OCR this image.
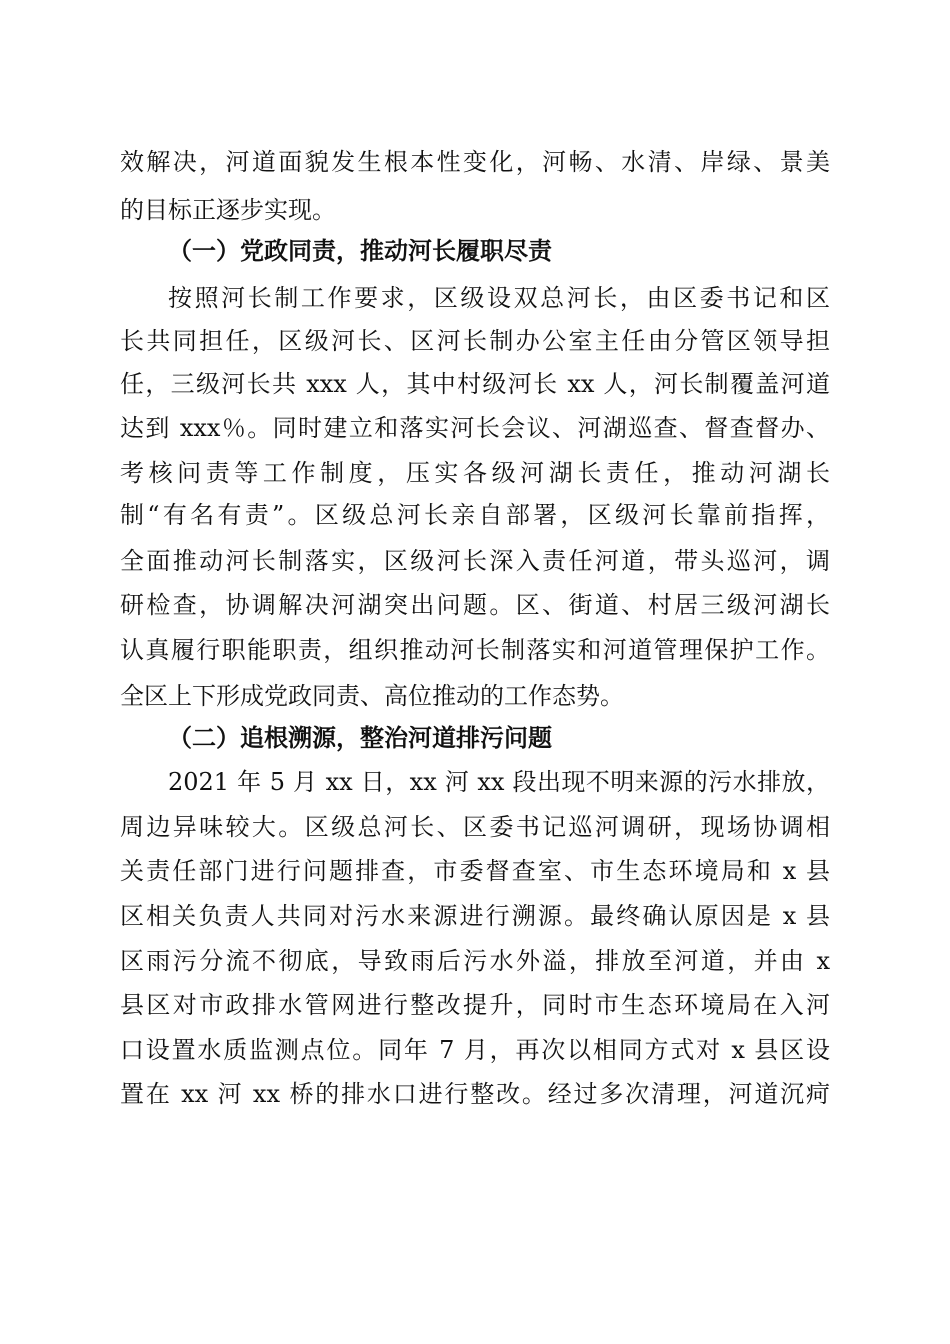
效解决，河道面貌发生根本性变化，河畅、水清、岸绿、景美
的目标正逐步实现。
（一）党政同责，推动河长履职尽责
按照河长制工作要求，区级设双总河长，由区委书记和区
长共同担任，区级河长、区河长制办公室主任由分管区领导担
任，三级河长共 xxx 人，其中村级河长 xx 人，河长制覆盖河道
达到 xxx％。同时建立和落实河长会议、河湖巡查、督查督办、
考核问责等工作制度，压实各级河湖长责任，推动河湖长
制“有名有责”。区级总河长亲自部署，区级河长靠前指挥，
全面推动河长制落实，区级河长深入责任河道，带头巡河，调
研检查，协调解决河湖突出问题。区、街道、村居三级河湖长
认真履行职能职责，组织推动河长制落实和河道管理保护工作。
全区上下形成党政同责、高位推动的工作态势。
（二）追根溯源，整治河道排污问题
2021 年 5 月 xx 日，xx 河 xx 段出现不明来源的污水排放，
周边异味较大。区级总河长、区委书记巡河调研，现场协调相
关责任部门进行问题排查，市委督查室、市生态环境局和 x 县
区相关负责人共同对污水来源进行溯源。最终确认原因是 x 县
区雨污分流不彻底，导致雨后污水外溢，排放至河道，并由 x
县区对市政排水管网进行整改提升，同时市生态环境局在入河
口设置水质监测点位。同年 7 月，再次以相同方式对 x 县区设
置在 xx 河 xx 桥的排水口进行整改。经过多次清理，河道沉疴
